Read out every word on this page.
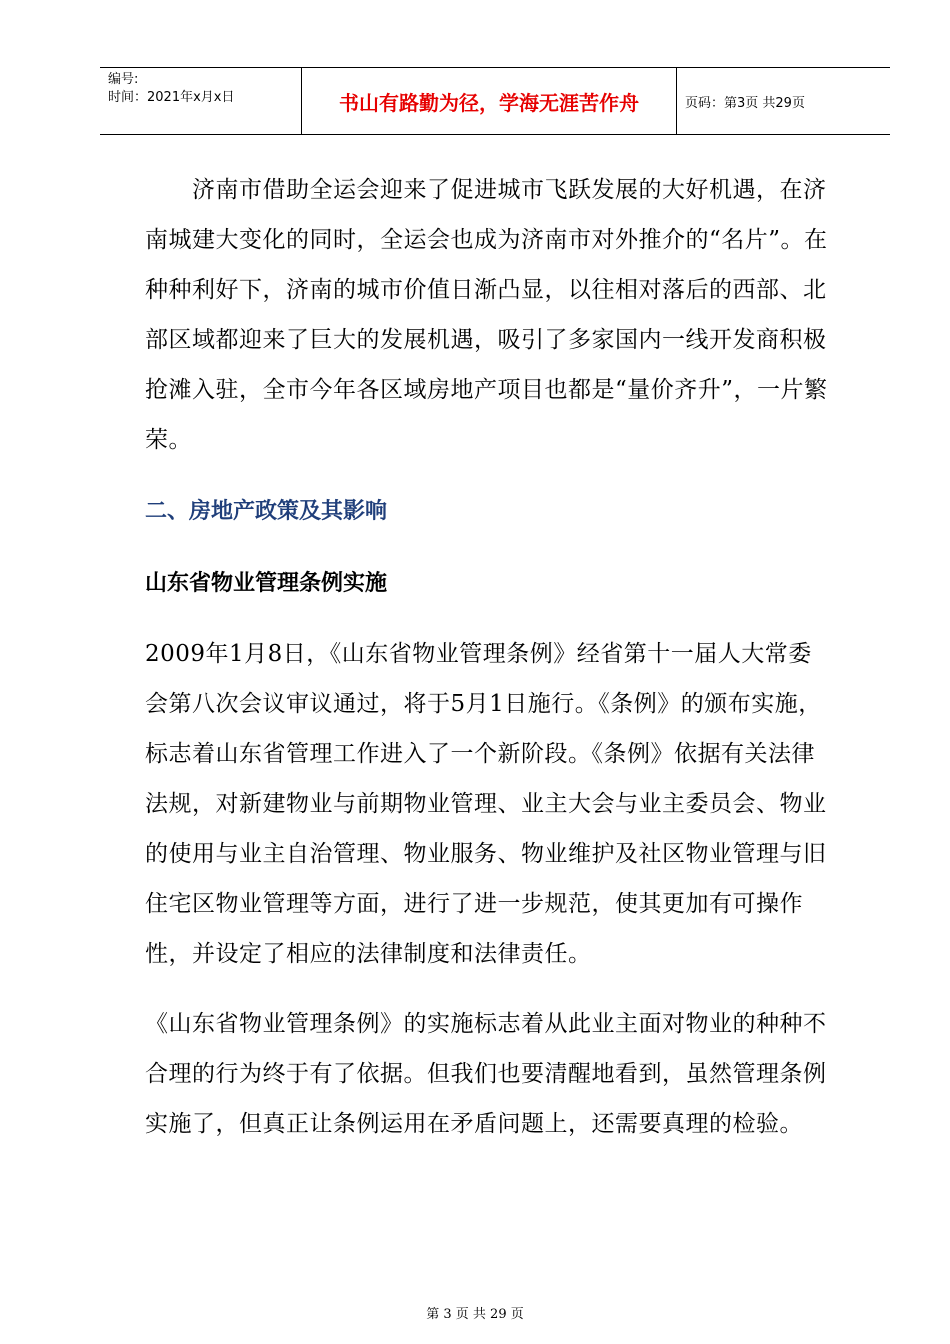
编号:
时间：2021年x月x日	书山有路勤为径，学海无涯苦作舟	页码：第3页 共29页

济南市借助全运会迎来了促进城市飞跃发展的大好机遇，在济南城建大变化的同时，全运会也成为济南市对外推介的“名片”。在种种利好下，济南的城市价值日渐凸显，以往相对落后的西部、北部区域都迎来了巨大的发展机遇，吸引了多家国内一线开发商积极抢滩入驻，全市今年各区域房地产项目也都是“量价齐升”，一片繁荣。

二、房地产政策及其影响
山东省物业管理条例实施

2009年1月8日，《山东省物业管理条例》经省第十一届人大常委会第八次会议审议通过，将于5月1日施行。《条例》的颁布实施，标志着山东省管理工作进入了一个新阶段。《条例》依据有关法律法规，对新建物业与前期物业管理、业主大会与业主委员会、物业的使用与业主自治管理、物业服务、物业维护及社区物业管理与旧住宅区物业管理等方面，进行了进一步规范，使其更加有可操作性，并设定了相应的法律制度和法律责任。

《山东省物业管理条例》的实施标志着从此业主面对物业的种种不合理的行为终于有了依据。但我们也要清醒地看到，虽然管理条例实施了，但真正让条例运用在矛盾问题上，还需要真理的检验。

第 3 页 共 29 页
